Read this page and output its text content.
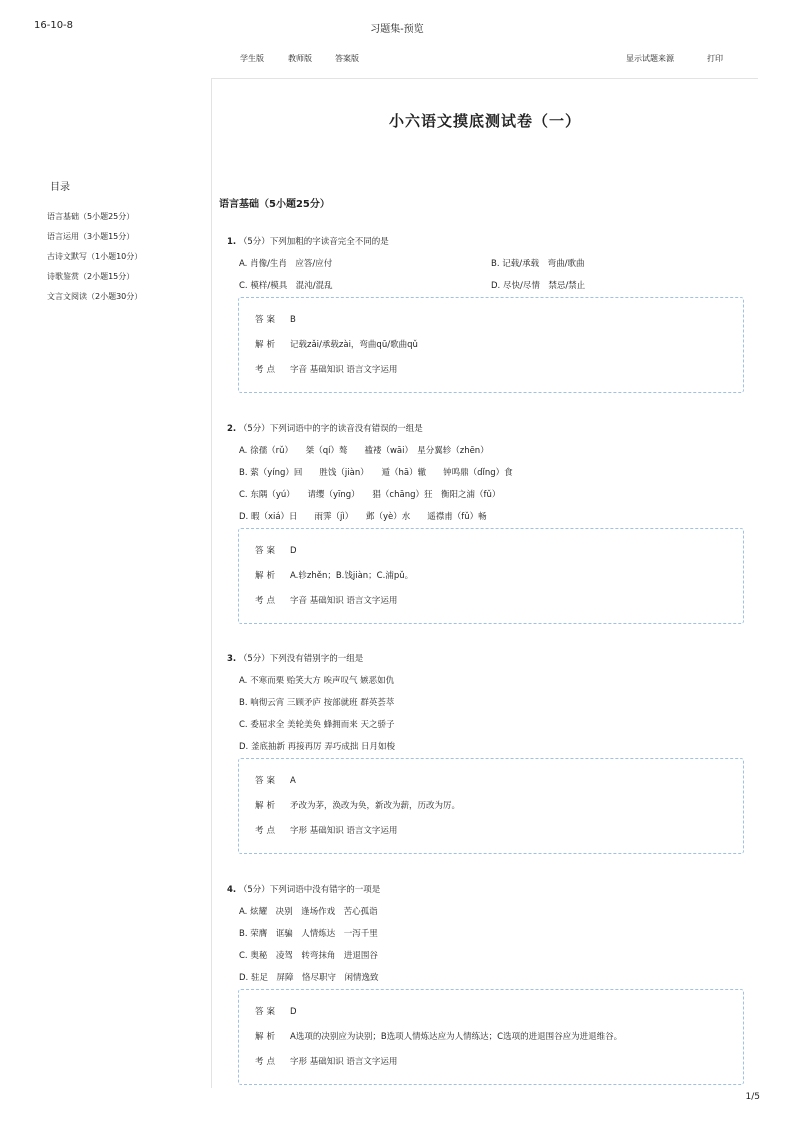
16-10-8	习题集-预览
学生版	教师版	答案版	显示试题来源	打印
小六语文摸底测试卷（一）
目录
语言基础（5小题25分）
语言运用（3小题15分）
古诗文默写（1小题10分）
诗歌鉴赏（2小题15分）
文言文阅读（2小题30分）
语言基础（5小题25分）
1. （5分）下列加粗的字读音完全不同的是
A. 肖像/生肖　应答/应付	B. 记载/承载　弯曲/歌曲
C. 模样/模具　混沌/混乱	D. 尽快/尽情　禁忌/禁止
答案 B
解析 记载zǎi/承载zài，弯曲qū/歌曲qǔ
考点 字音 基础知识 语言文字运用
2. （5分）下列词语中的字的读音没有错误的一组是
A. 徐孺（rǔ）　　桀（qí）骜　　褴褛（wāi）　星分翼轸（zhēn）
B. 萦（yíng）回　　胜饯（jiàn）　　遁（hā）辙　　钟鸣鼎（dǐng）食
C. 东隅（yú）　　请缨（yīng）　　猖（chāng）狂　衡阳之浦（fǔ）
D. 暇（xiá）日　　雨霁（jì）　　邺（yè）水　　遥襟甫（fǔ）畅
答案 D
解析 A.轸zhěn；B.饯jiàn；C.浦pǔ。
考点 字音 基础知识 语言文字运用
3. （5分）下列没有错别字的一组是
A. 不寒而栗 贻笑大方 唉声叹气 嫉恶如仇
B. 响彻云宵 三顾矛庐 按部就班 群英荟萃
C. 委屈求全 美轮美奂 蜂拥而来 天之骄子
D. 釜底抽新 再接再厉 弄巧成拙 日月如梭
答案 A
解析 矛改为茅，涣改为奂，新改为薪，历改为厉。
考点 字形 基础知识 语言文字运用
4. （5分）下列词语中没有错字的一项是
A. 炫耀　决别　逢场作戏　苦心孤诣
B. 荣膺　诓骗　人情炼达　一泻千里
C. 奥秘　凌驾　转弯抹角　进退围谷
D. 驻足　屏障　恪尽职守　闲情逸致
答案 D
解析 A选项的决别应为诀别；B选项人情炼达应为人情练达；C选项的进退围谷应为进退维谷。
考点 字形 基础知识 语言文字运用
1/5
